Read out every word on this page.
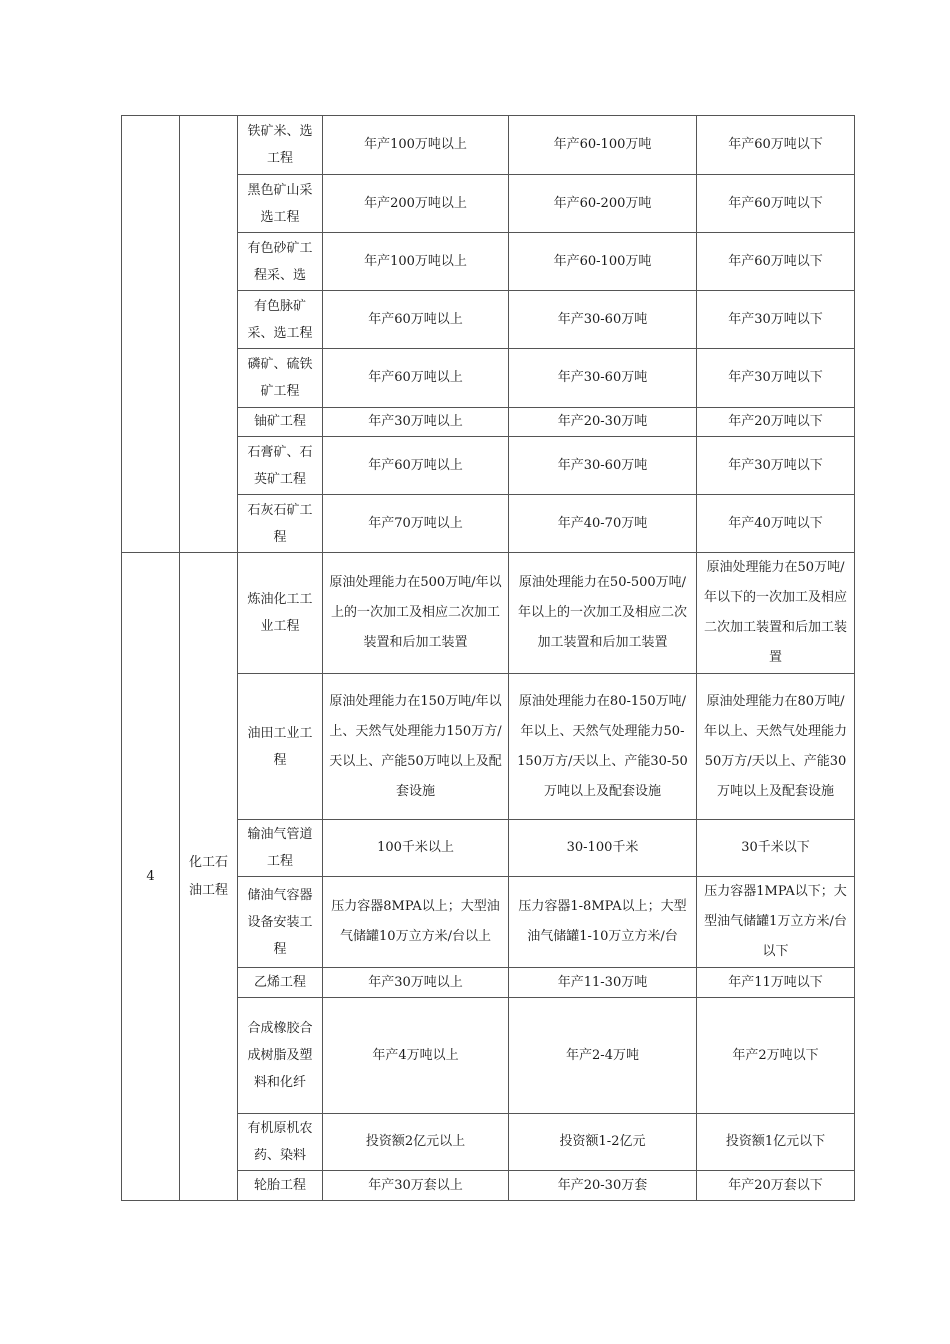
		铁矿米、选工程	年产100万吨以上	年产60-100万吨	年产60万吨以下
		黑色矿山采选工程	年产200万吨以上	年产60-200万吨	年产60万吨以下
		有色砂矿工程采、选	年产100万吨以上	年产60-100万吨	年产60万吨以下
		有色脉矿采、选工程	年产60万吨以上	年产30-60万吨	年产30万吨以下
		磷矿、硫铁矿工程	年产60万吨以上	年产30-60万吨	年产30万吨以下
		铀矿工程	年产30万吨以上	年产20-30万吨	年产20万吨以下
		石膏矿、石英矿工程	年产60万吨以上	年产30-60万吨	年产30万吨以下
		石灰石矿工程	年产70万吨以上	年产40-70万吨	年产40万吨以下
4	化工石油工程	炼油化工工业工程	原油处理能力在500万吨/年以上的一次加工及相应二次加工装置和后加工装置	原油处理能力在50-500万吨/年以上的一次加工及相应二次加工装置和后加工装置	原油处理能力在50万吨/年以下的一次加工及相应二次加工装置和后加工装置
		油田工业工程	原油处理能力在150万吨/年以上、天然气处理能力150万方/天以上、产能50万吨以上及配套设施	原油处理能力在80-150万吨/年以上、天然气处理能力50-150万方/天以上、产能30-50万吨以上及配套设施	原油处理能力在80万吨/年以上、天然气处理能力50万方/天以上、产能30万吨以上及配套设施
		输油气管道工程	100千米以上	30-100千米	30千米以下
		储油气容器设备安装工程	压力容器8MPA以上；大型油气储罐10万立方米/台以上	压力容器1-8MPA以上；大型油气储罐1-10万立方米/台	压力容器1MPA以下；大型油气储罐1万立方米/台以下
		乙烯工程	年产30万吨以上	年产11-30万吨	年产11万吨以下
		合成橡胶合成树脂及塑料和化纤	年产4万吨以上	年产2-4万吨	年产2万吨以下
		有机原机农药、染料	投资额2亿元以上	投资额1-2亿元	投资额1亿元以下
		轮胎工程	年产30万套以上	年产20-30万套	年产20万套以下
